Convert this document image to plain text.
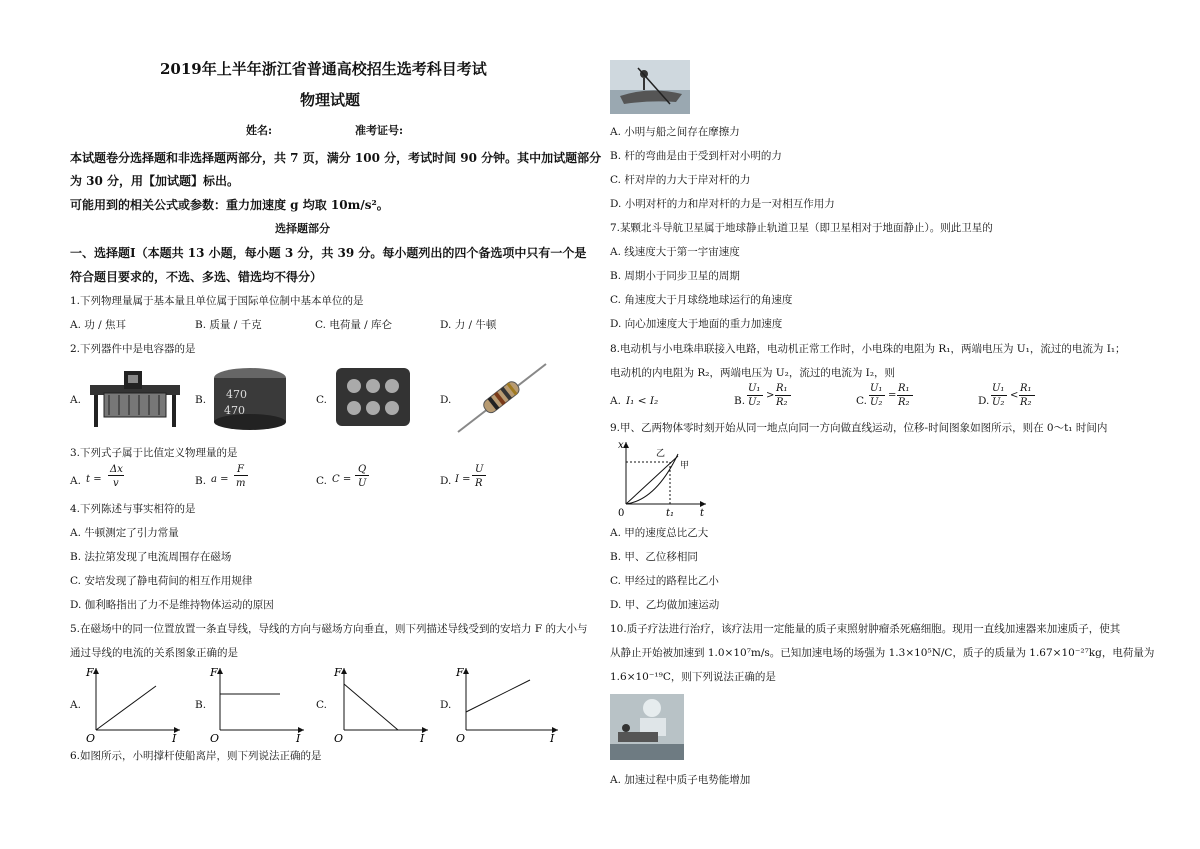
2019年上半年浙江省普通高校招生选考科目考试
物理试题
姓名:	准考证号:
本试题卷分选择题和非选择题两部分，共 7 页，满分 100 分，考试时间 90 分钟。其中加试题部分
为 30 分，用【加试题】标出。
可能用到的相关公式或参数：重力加速度 g 均取 10m/s²。
选择题部分
一、选择题Ⅰ（本题共 13 小题，每小题 3 分，共 39 分。每小题列出的四个备选项中只有一个是
符合题目要求的，不选、多选、错选均不得分）
1.下列物理量属于基本量且单位属于国际单位制中基本单位的是
A. 功 / 焦耳	B. 质量 / 千克	C. 电荷量 / 库仑	D. 力 / 牛顿
2.下列器件中是电容器的是
A.	B. 470
470
C.	D.
3.下列式子属于比值定义物理量的是
A. t =
Δx
v	B. a =
F
m	C. C =
Q
U	D. I =
U
R
4.下列陈述与事实相符的是
A. 牛顿测定了引力常量
B. 法拉第发现了电流周围存在磁场
C. 安培发现了静电荷间的相互作用规律
D. 伽利略指出了力不是维持物体运动的原因
5.在磁场中的同一位置放置一条直导线，导线的方向与磁场方向垂直，则下列描述导线受到的安培力 F 的大小与
通过导线的电流的关系图象正确的是
A.
F
I
O
B.
F
I
O
C.
F
I
O
D.
F
I
O
6.如图所示，小明撑杆使船离岸，则下列说法正确的是
A. 小明与船之间存在摩擦力
B. 杆的弯曲是由于受到杆对小明的力
C. 杆对岸的力大于岸对杆的力
D. 小明对杆的力和岸对杆的力是一对相互作用力
7.某颗北斗导航卫星属于地球静止轨道卫星（即卫星相对于地面静止）。则此卫星的
A. 线速度大于第一宇宙速度
B. 周期小于同步卫星的周期
C. 角速度大于月球绕地球运行的角速度
D. 向心加速度大于地面的重力加速度
8.电动机与小电珠串联接入电路，电动机正常工作时，小电珠的电阻为 R₁，两端电压为 U₁，流过的电流为 I₁；
电动机的内电阻为 R₂，两端电压为 U₂，流过的电流为 I₂，则
A. I₁ < I₂	B.
U₁
U₂
>
R₁
R₂	C.
U₁
U₂
=
R₁
R₂	D.
U₁
U₂
<
R₁
R₂
9.甲、乙两物体零时刻开始从同一地点向同一方向做直线运动，位移-时间图象如图所示，则在 0～t₁ 时间内
x
t
0	t₁
乙
甲
A. 甲的速度总比乙大
B. 甲、乙位移相同
C. 甲经过的路程比乙小
D. 甲、乙均做加速运动
10.质子疗法进行治疗，该疗法用一定能量的质子束照射肿瘤杀死癌细胞。现用一直线加速器来加速质子，使其
从静止开始被加速到 1.0×10⁷m/s。已知加速电场的场强为 1.3×10⁵N/C，质子的质量为 1.67×10⁻²⁷kg，电荷量为
1.6×10⁻¹⁹C，则下列说法正确的是
A. 加速过程中质子电势能增加
